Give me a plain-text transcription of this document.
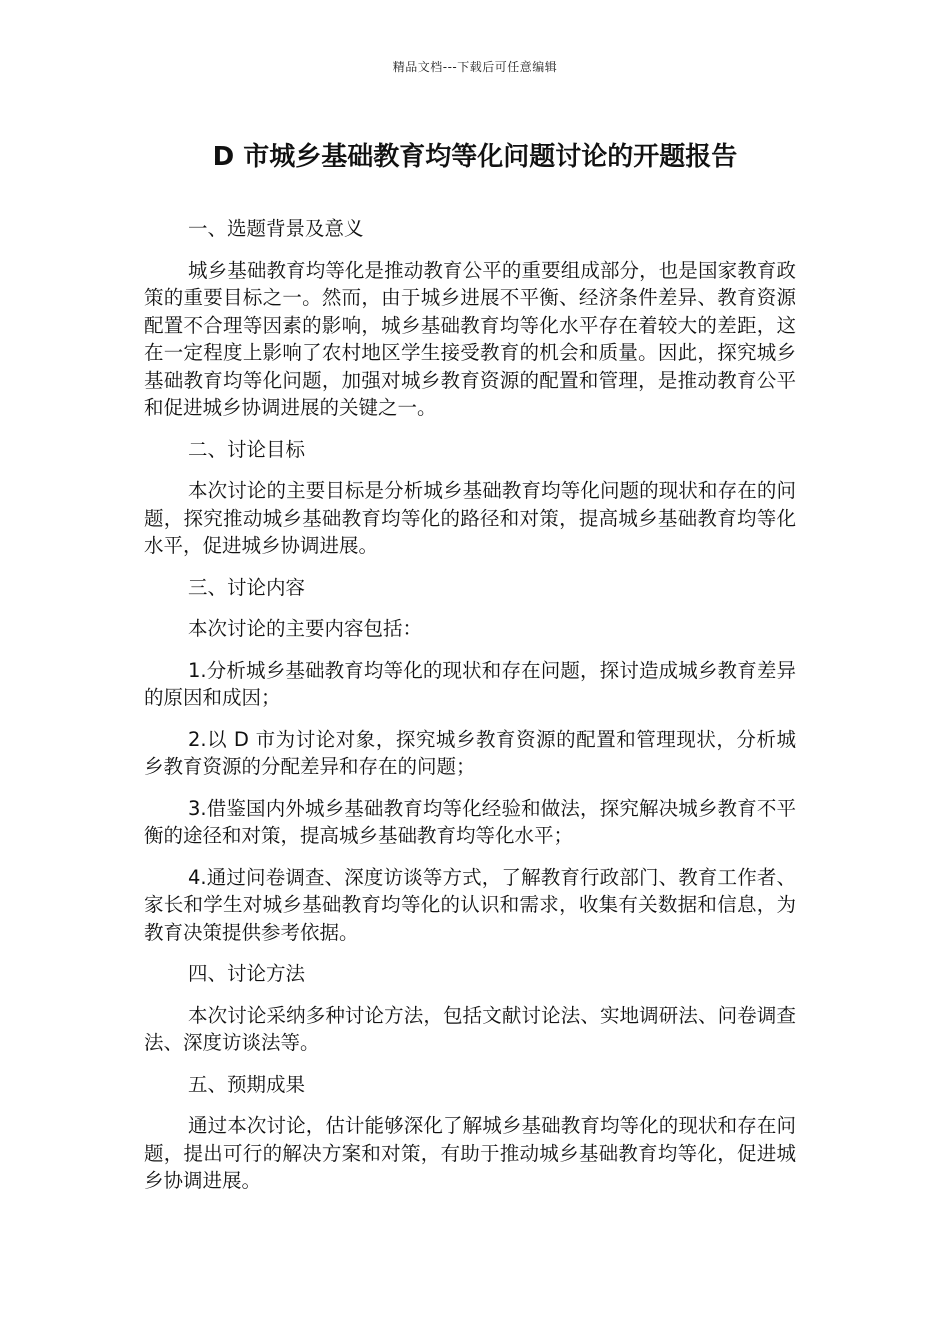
精品文档---下载后可任意编辑
D 市城乡基础教育均等化问题讨论的开题报告

一、选题背景及意义

城乡基础教育均等化是推动教育公平的重要组成部分，也是国家教育政策的重要目标之一。然而，由于城乡进展不平衡、经济条件差异、教育资源配置不合理等因素的影响，城乡基础教育均等化水平存在着较大的差距，这在一定程度上影响了农村地区学生接受教育的机会和质量。因此，探究城乡基础教育均等化问题，加强对城乡教育资源的配置和管理，是推动教育公平和促进城乡协调进展的关键之一。

二、讨论目标

本次讨论的主要目标是分析城乡基础教育均等化问题的现状和存在的问题，探究推动城乡基础教育均等化的路径和对策，提高城乡基础教育均等化水平，促进城乡协调进展。

三、讨论内容

本次讨论的主要内容包括：

1.分析城乡基础教育均等化的现状和存在问题，探讨造成城乡教育差异的原因和成因；

2.以 D 市为讨论对象，探究城乡教育资源的配置和管理现状，分析城乡教育资源的分配差异和存在的问题；

3.借鉴国内外城乡基础教育均等化经验和做法，探究解决城乡教育不平衡的途径和对策，提高城乡基础教育均等化水平；

4.通过问卷调查、深度访谈等方式，了解教育行政部门、教育工作者、家长和学生对城乡基础教育均等化的认识和需求，收集有关数据和信息，为教育决策提供参考依据。

四、讨论方法

本次讨论采纳多种讨论方法，包括文献讨论法、实地调研法、问卷调查法、深度访谈法等。

五、预期成果

通过本次讨论，估计能够深化了解城乡基础教育均等化的现状和存在问题，提出可行的解决方案和对策，有助于推动城乡基础教育均等化，促进城乡协调进展。
